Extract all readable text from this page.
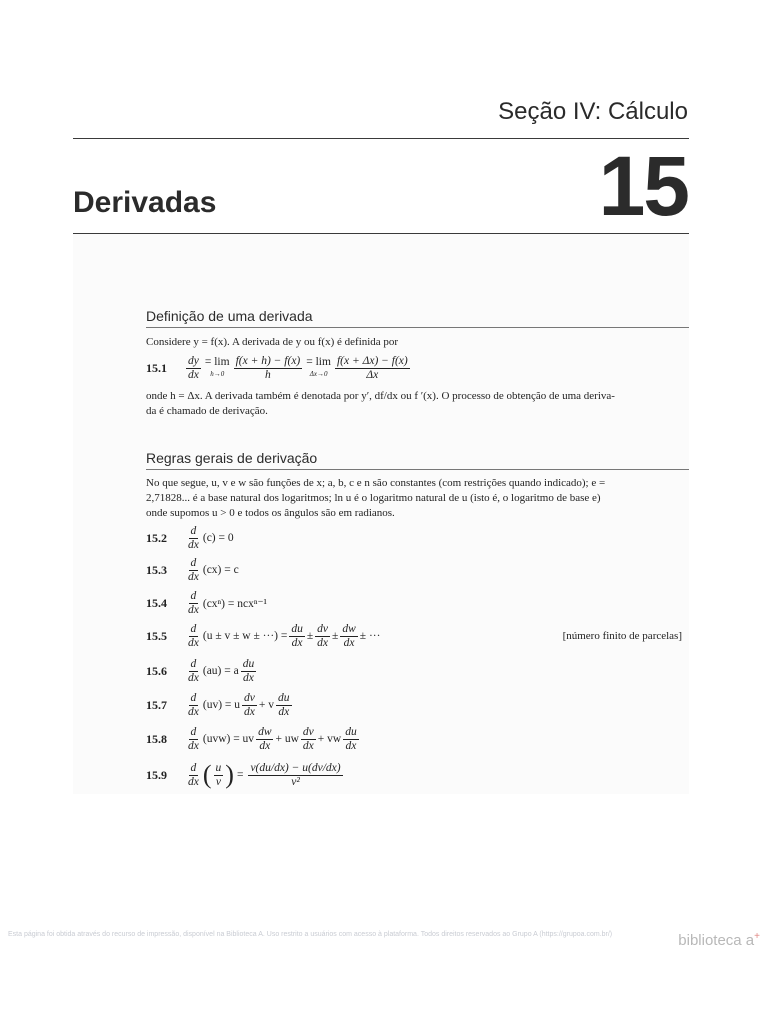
Seção IV: Cálculo
15
Derivadas
Definição de uma derivada
Considere y = f(x). A derivada de y ou f(x) é definida por
15.1	$\frac{dy}{dx} = \lim$
$h\to 0 \frac{f(x + h) - f(x)}{h} = \lim$
$\Delta x\to 0 \frac{f(x + \Delta x) - f(x)}{\Delta x}$
onde h = Δx. A derivada também é denotada por y′, df/dx ou f ′(x). O processo de obtenção de uma deriva-
da é chamado de derivação.
Regras gerais de derivação
No que segue, u, v e w são funções de x; a, b, c e n são constantes (com restrições quando indicado); e =
2,71828... é a base natural dos logaritmos; ln u é o logaritmo natural de u (isto é, o logaritmo de base e)
onde supomos u > 0 e todos os ângulos são em radianos.
15.2	$\frac{d}{dx} (c) = 0$
15.3	$\frac{d}{dx} (cx) = c$
15.4	$\frac{d}{dx} (cx^n) = ncx^{n-1}$
15.5	$\frac{d}{dx} (u \pm v \pm w$ ± ···) = $\frac{du}{dx} \pm \frac{dv}{dx} \pm \frac{dw}{dx}$ ± ···	[número finito de parcelas]
15.6	$\frac{d}{dx} (au) = a \frac{du}{dx}$
15.7	$\frac{d}{dx} (uv) = u \frac{dv}{dx} + v \frac{du}{dx}$
15.8	$\frac{d}{dx} (uvw)$ = uv $\frac{dw}{dx}$ + uw $\frac{dv}{dx}$ + vw $\frac{du}{dx}$
15.9	$\frac{d}{dx}$ ( $\frac{u}{v}$ ) = $\frac{v(du/dx) - u(dv/dx)}{\text{v²}}$
Esta página foi obtida através do recurso de impressão, disponível na Biblioteca A. Uso restrito a usuários com acesso à plataforma. Todos direitos reservados ao Grupo A (https://grupoa.com.br/)	biblioteca a+
